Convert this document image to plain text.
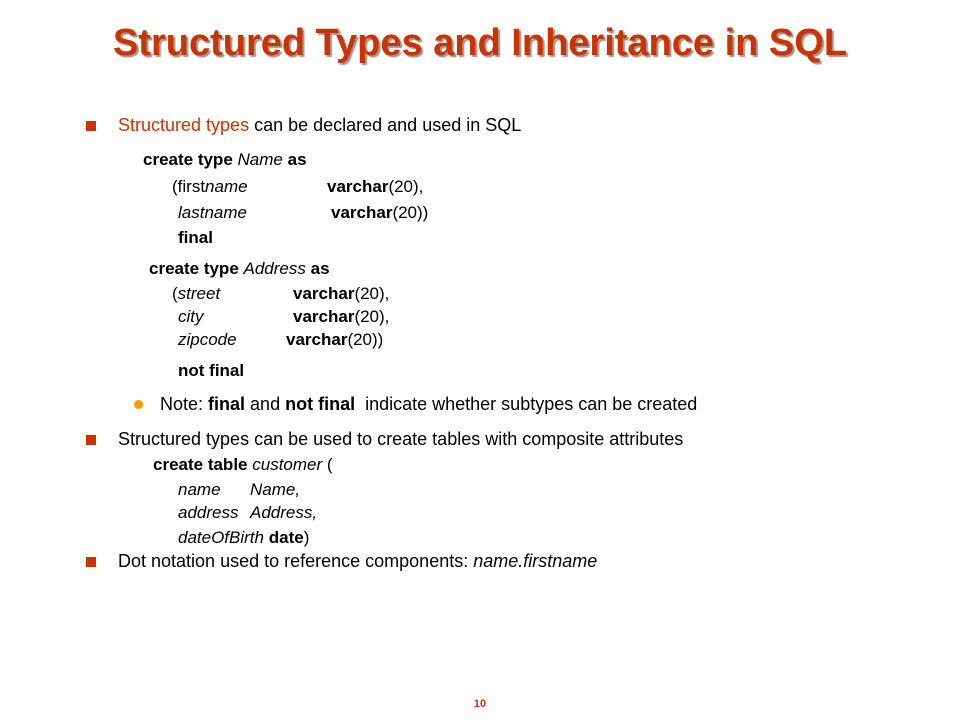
Structured Types and Inheritance in SQL
Structured types can be declared and used in SQL
create type Name as
(firstname	varchar(20),
lastname	varchar(20))
final
create type Address as
(street	varchar(20),
city	varchar(20),
zipcode	varchar(20))
not final
Note: final and not final  indicate whether subtypes can be created
Structured types can be used to create tables with composite attributes
create table customer (
name Name,
address Address,
dateOfBirth date)
Dot notation used to reference components: name.firstname
10
